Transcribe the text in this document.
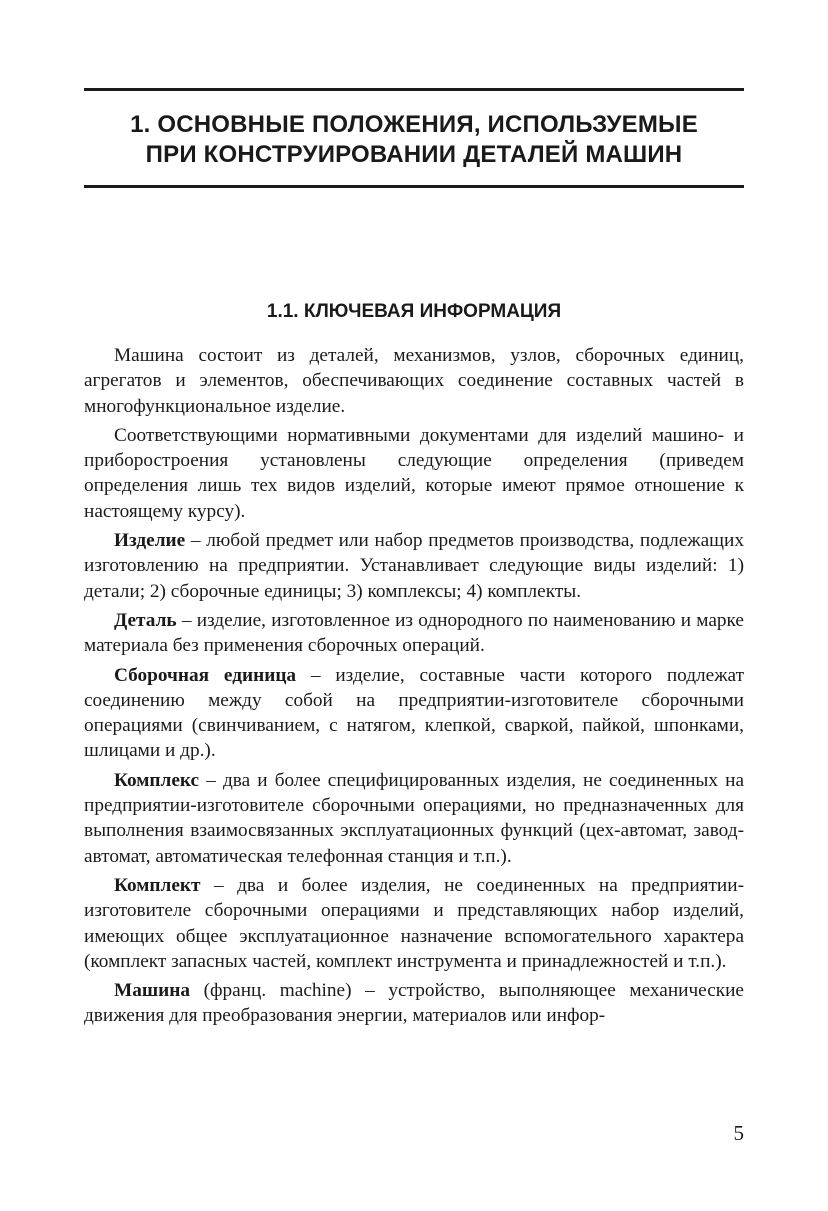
1. ОСНОВНЫЕ ПОЛОЖЕНИЯ, ИСПОЛЬЗУЕМЫЕ
ПРИ КОНСТРУИРОВАНИИ ДЕТАЛЕЙ МАШИН
1.1. КЛЮЧЕВАЯ ИНФОРМАЦИЯ

Машина состоит из деталей, механизмов, узлов, сборочных единиц, агрегатов и элементов, обеспечивающих соединение составных частей в многофункциональное изделие.

Соответствующими нормативными документами для изделий машино- и приборостроения установлены следующие определения (приведем определения лишь тех видов изделий, которые имеют прямое отношение к настоящему курсу).

Изделие – любой предмет или набор предметов производства, подлежащих изготовлению на предприятии. Устанавливает следующие виды изделий: 1) детали; 2) сборочные единицы; 3) комплексы; 4) комплекты.

Деталь – изделие, изготовленное из однородного по наименованию и марке материала без применения сборочных операций.

Сборочная единица – изделие, составные части которого подлежат соединению между собой на предприятии-изготовителе сборочными операциями (свинчиванием, с натягом, клепкой, сваркой, пайкой, шпонками, шлицами и др.).

Комплекс – два и более специфицированных изделия, не соединенных на предприятии-изготовителе сборочными операциями, но предназначенных для выполнения взаимосвязанных эксплуатационных функций (цех-автомат, завод-автомат, автоматическая телефонная станция и т.п.).

Комплект – два и более изделия, не соединенных на предприятии-изготовителе сборочными операциями и представляющих набор изделий, имеющих общее эксплуатационное назначение вспомогательного характера (комплект запасных частей, комплект инструмента и принадлежностей и т.п.).

Машина (франц. machine) – устройство, выполняющее механические движения для преобразования энергии, материалов или инфор-

5
